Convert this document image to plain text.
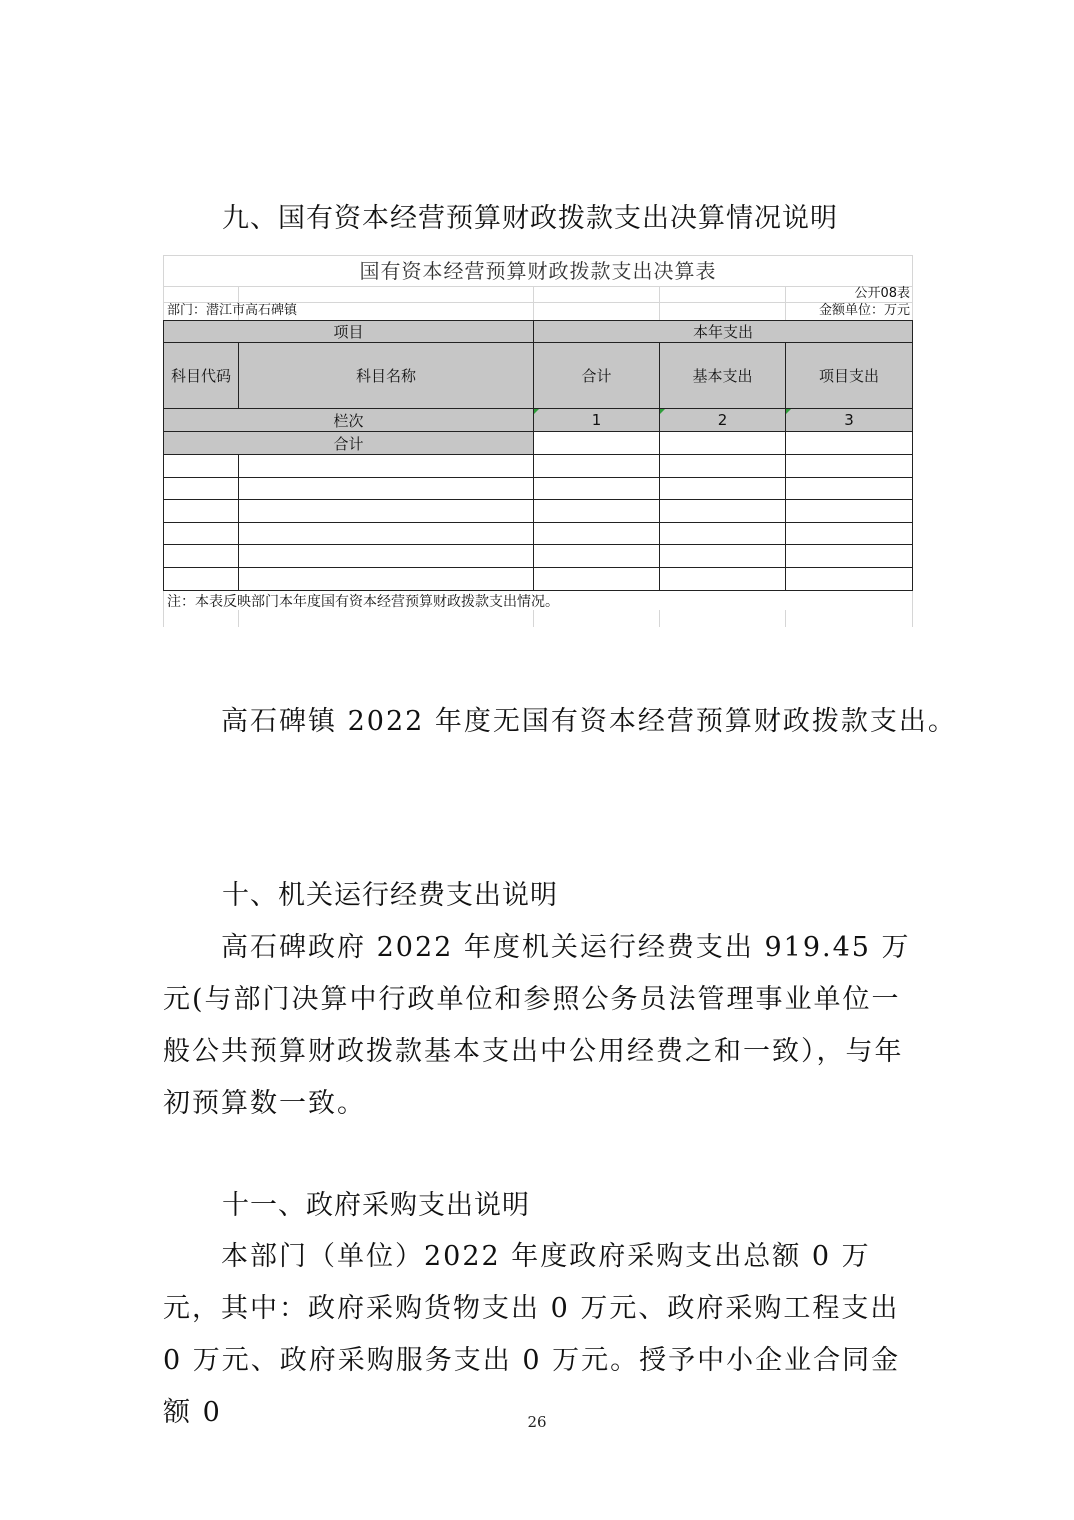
九、国有资本经营预算财政拨款支出决算情况说明
国有资本经营预算财政拨款支出决算表
公开08表
部门：潜江市高石碑镇	金额单位：万元
项目	本年支出
科目代码	科目名称	合计	基本支出	项目支出
栏次	1	2	3
合计
注：本表反映部门本年度国有资本经营预算财政拨款支出情况。
高石碑镇 2022 年度无国有资本经营预算财政拨款支出。
十、机关运行经费支出说明
高石碑政府 2022 年度机关运行经费支出 919.45 万元(与部门决算中行政单位和参照公务员法管理事业单位一般公共预算财政拨款基本支出中公用经费之和一致），与年初预算数一致。
十一、政府采购支出说明
本部门（单位）2022 年度政府采购支出总额 0 万元，其中：政府采购货物支出 0 万元、政府采购工程支出 0 万元、政府采购服务支出 0 万元。授予中小企业合同金额 0	26
